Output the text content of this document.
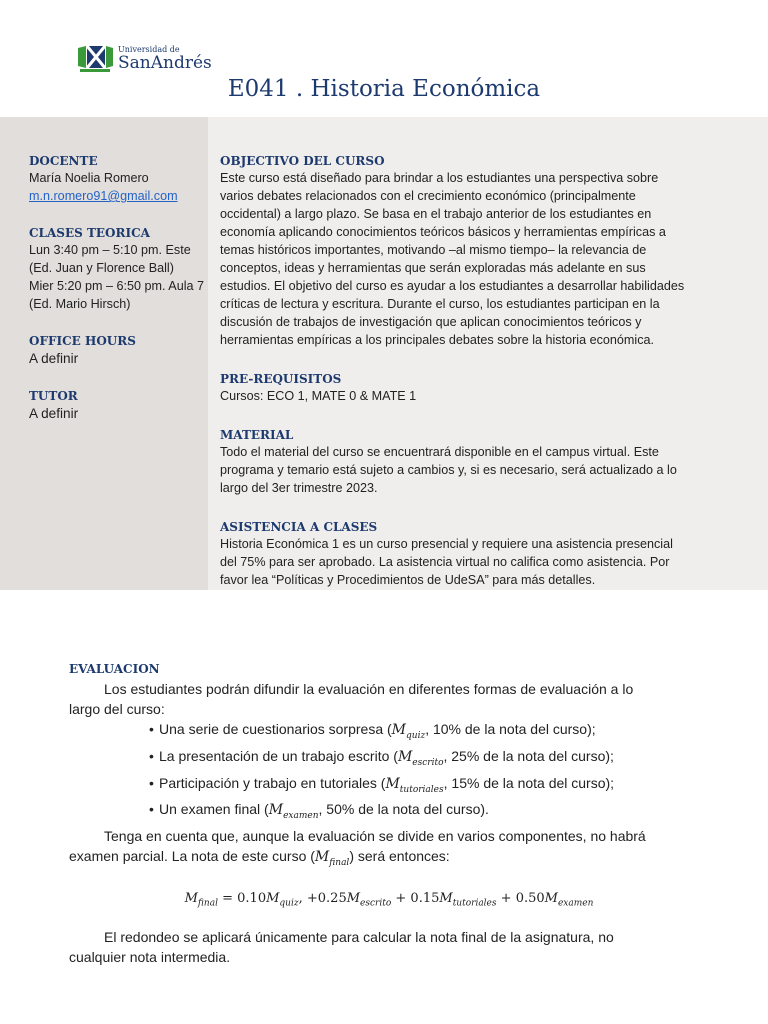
Universidad de
SanAndrés
E041 . Historia Económica

DOCENTE

María Noelia Romero

m.n.romero91@gmail.com

CLASES TEORICA

Lun 3:40 pm – 5:10 pm. Este

(Ed. Juan y Florence Ball)

Mier 5:20 pm – 6:50 pm. Aula 7

(Ed. Mario Hirsch)

OFFICE HOURS

A definir

TUTOR

A definir

OBJECTIVO DEL CURSO

Este curso está diseñado para brindar a los estudiantes una perspectiva sobre

varios debates relacionados con el crecimiento económico (principalmente

occidental) a largo plazo. Se basa en el trabajo anterior de los estudiantes en

economía aplicando conocimientos teóricos básicos y herramientas empíricas a

temas históricos importantes, motivando –al mismo tiempo– la relevancia de

conceptos, ideas y herramientas que serán exploradas más adelante en sus

estudios. El objetivo del curso es ayudar a los estudiantes a desarrollar habilidades

críticas de lectura y escritura. Durante el curso, los estudiantes participan en la

discusión de trabajos de investigación que aplican conocimientos teóricos y

herramientas empíricas a los principales debates sobre la historia económica.

PRE-REQUISITOS

Cursos: ECO 1, MATE 0 & MATE 1

MATERIAL

Todo el material del curso se encuentrará disponible en el campus virtual. Este

programa y temario está sujeto a cambios y, si es necesario, será actualizado a lo

largo del 3er trimestre 2023.

ASISTENCIA A CLASES

Historia Económica 1 es un curso presencial y requiere una asistencia presencial

del 75% para ser aprobado. La asistencia virtual no califica como asistencia. Por

favor lea “Políticas y Procedimientos de UdeSA” para más detalles.

EVALUACION

Los estudiantes podrán difundir la evaluación en diferentes formas de evaluación a lo

largo del curso:

• Una serie de cuestionarios sorpresa ($M_{quiz}$, 10% de la nota del curso);
• La presentación de un trabajo escrito ($M_{escrito}$, 25% de la nota del curso);
• Participación y trabajo en tutoriales ($M_{tutoriales}$, 15% de la nota del curso);
• Un examen final ($M_{examen}$, 50% de la nota del curso).

Tenga en cuenta que, aunque la evaluación se divide en varios componentes, no habrá

examen parcial. La nota de este curso $(M_{final})$ será entonces:

$M_{final} = 0.10M_{quiz}$, $+0.25M_{escrito} + 0.15M_{tutoriales} + 0.50M_{examen}$

El redondeo se aplicará únicamente para calcular la nota final de la asignatura, no

cualquier nota intermedia.
